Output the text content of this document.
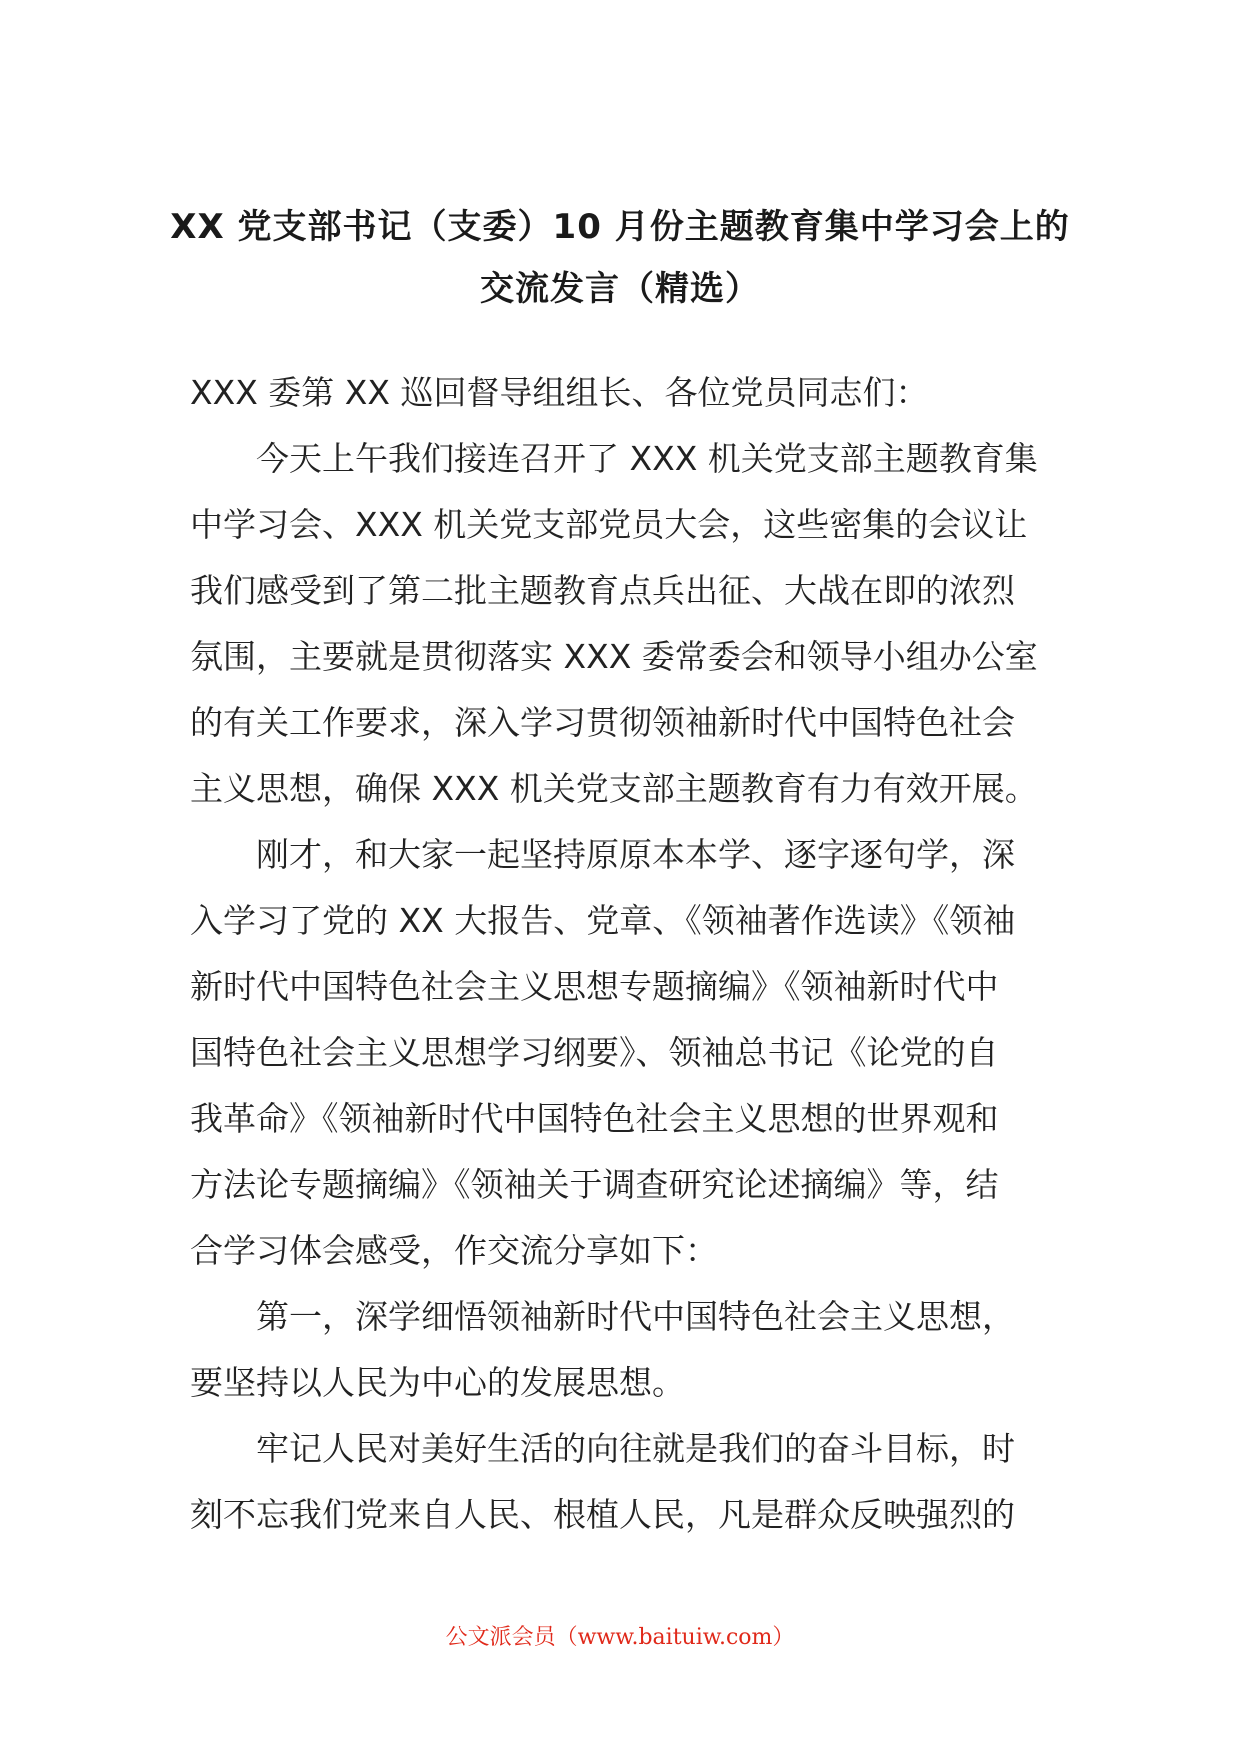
XX 党支部书记（支委）10 月份主题教育集中学习会上的
交流发言（精选）
XXX 委第 XX 巡回督导组组长、各位党员同志们：
今天上午我们接连召开了 XXX 机关党支部主题教育集
中学习会、XXX 机关党支部党员大会，这些密集的会议让
我们感受到了第二批主题教育点兵出征、大战在即的浓烈
氛围，主要就是贯彻落实 XXX 委常委会和领导小组办公室
的有关工作要求，深入学习贯彻领袖新时代中国特色社会
主义思想，确保 XXX 机关党支部主题教育有力有效开展。
刚才，和大家一起坚持原原本本学、逐字逐句学，深
入学习了党的 XX 大报告、党章、《领袖著作选读》《领袖
新时代中国特色社会主义思想专题摘编》《领袖新时代中
国特色社会主义思想学习纲要》、领袖总书记《论党的自
我革命》《领袖新时代中国特色社会主义思想的世界观和
方法论专题摘编》《领袖关于调查研究论述摘编》等，结
合学习体会感受，作交流分享如下：
第一，深学细悟领袖新时代中国特色社会主义思想，
要坚持以人民为中心的发展思想。
牢记人民对美好生活的向往就是我们的奋斗目标，时
刻不忘我们党来自人民、根植人民，凡是群众反映强烈的
公文派会员（www.baituiw.com）
